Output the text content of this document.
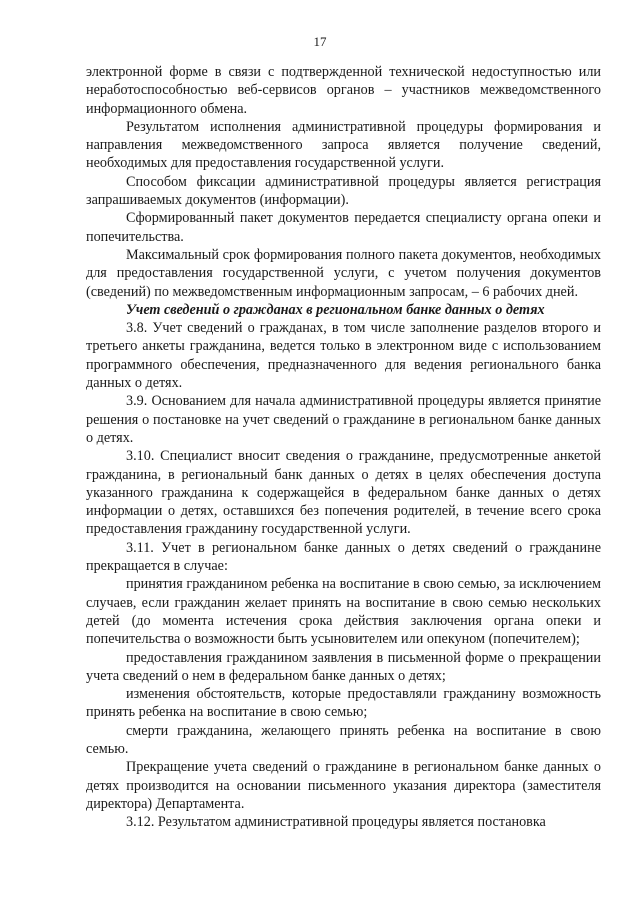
17

электронной форме в связи с подтвержденной технической недоступностью или неработоспособностью веб-сервисов органов – участников межведомственного информационного обмена.

Результатом исполнения административной процедуры формирования и направления межведомственного запроса является получение сведений, необходимых для предоставления государственной услуги.

Способом фиксации административной процедуры является регистрация запрашиваемых документов (информации).

Сформированный пакет документов передается специалисту органа опеки и попечительства.

Максимальный срок формирования полного пакета документов, необходимых для предоставления государственной услуги, с учетом получения документов (сведений) по межведомственным информационным запросам, – 6 рабочих дней.

Учет сведений о гражданах в региональном банке данных о детях

3.8. Учет сведений о гражданах, в том числе заполнение разделов второго и третьего анкеты гражданина, ведется только в электронном виде с использованием программного обеспечения, предназначенного для ведения регионального банка данных о детях.

3.9. Основанием для начала административной процедуры является принятие решения о постановке на учет сведений о гражданине в региональном банке данных о детях.

3.10. Специалист вносит сведения о гражданине, предусмотренные анкетой гражданина, в региональный банк данных о детях в целях обеспечения доступа указанного гражданина к содержащейся в федеральном банке данных о детях информации о детях, оставшихся без попечения родителей, в течение всего срока предоставления гражданину государственной услуги.

3.11. Учет в региональном банке данных о детях сведений о гражданине прекращается в случае:

принятия гражданином ребенка на воспитание в свою семью, за исключением случаев, если гражданин желает принять на воспитание в свою семью нескольких детей (до момента истечения срока действия заключения органа опеки и попечительства о возможности быть усыновителем или опекуном (попечителем);

предоставления гражданином заявления в письменной форме о прекращении учета сведений о нем в федеральном банке данных о детях;

изменения обстоятельств, которые предоставляли гражданину возможность принять ребенка на воспитание в свою семью;

смерти гражданина, желающего принять ребенка на воспитание в свою семью.

Прекращение учета сведений о гражданине в региональном банке данных о детях производится на основании письменного указания директора (заместителя директора) Департамента.

3.12. Результатом административной процедуры является постановка
